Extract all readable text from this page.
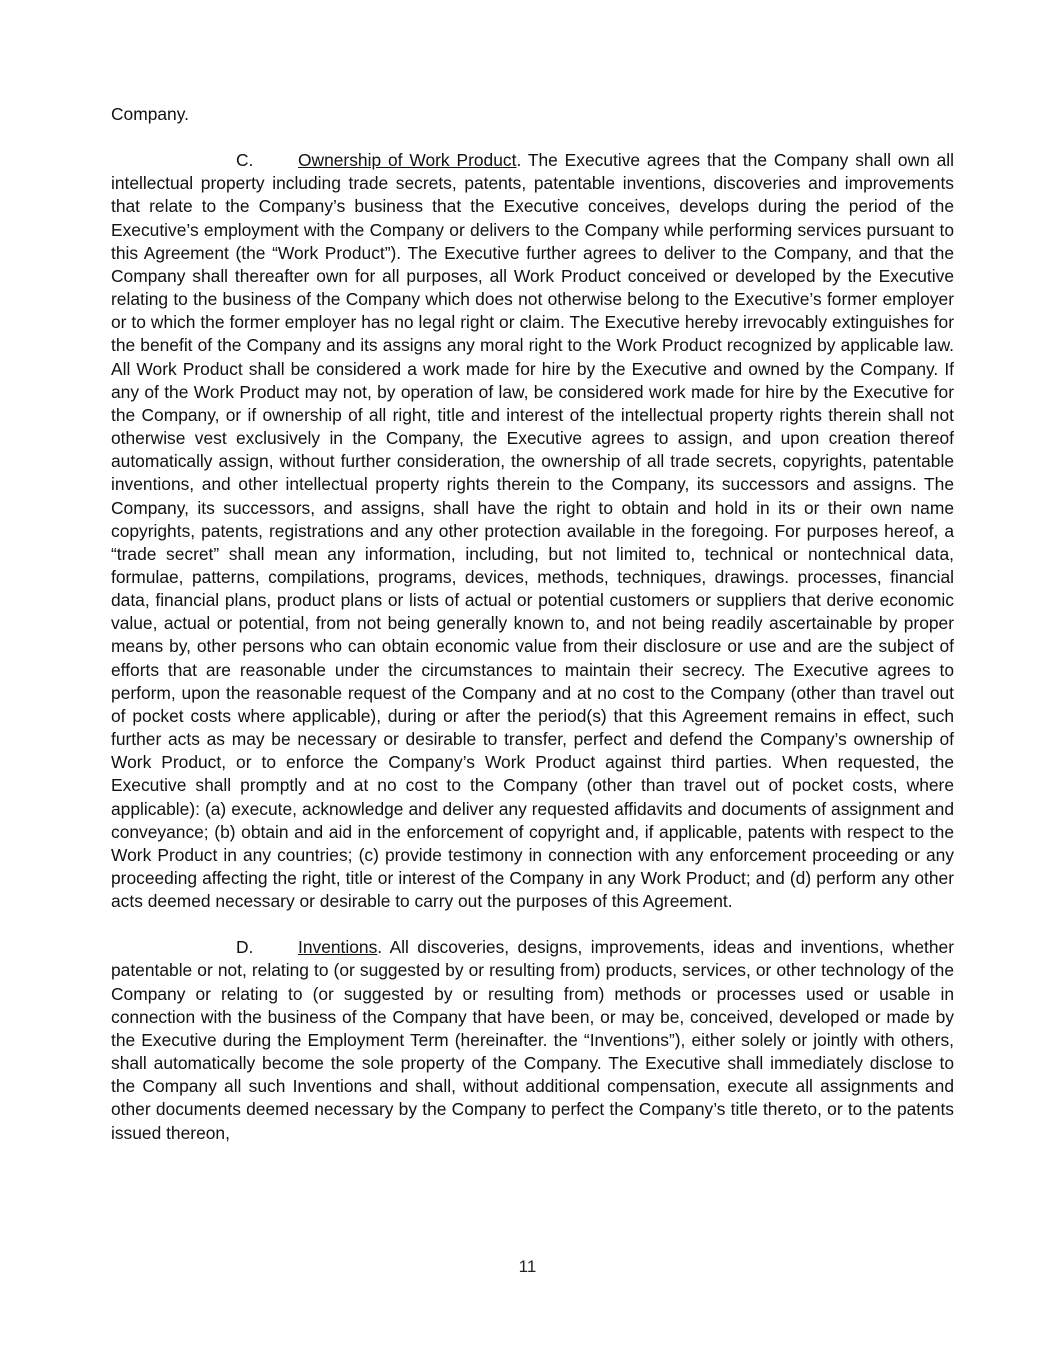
Company.

C.	Ownership of Work Product. The Executive agrees that the Company shall own all intellectual property including trade secrets, patents, patentable inventions, discoveries and improvements that relate to the Company’s business that the Executive conceives, develops during the period of the Executive’s employment with the Company or delivers to the Company while performing services pursuant to this Agreement (the “Work Product”). The Executive further agrees to deliver to the Company, and that the Company shall thereafter own for all purposes, all Work Product conceived or developed by the Executive relating to the business of the Company which does not otherwise belong to the Executive’s former employer or to which the former employer has no legal right or claim. The Executive hereby irrevocably extinguishes for the benefit of the Company and its assigns any moral right to the Work Product recognized by applicable law. All Work Product shall be considered a work made for hire by the Executive and owned by the Company. If any of the Work Product may not, by operation of law, be considered work made for hire by the Executive for the Company, or if ownership of all right, title and interest of the intellectual property rights therein shall not otherwise vest exclusively in the Company, the Executive agrees to assign, and upon creation thereof automatically assign, without further consideration, the ownership of all trade secrets, copyrights, patentable inventions, and other intellectual property rights therein to the Company, its successors and assigns. The Company, its successors, and assigns, shall have the right to obtain and hold in its or their own name copyrights, patents, registrations and any other protection available in the foregoing. For purposes hereof, a “trade secret” shall mean any information, including, but not limited to, technical or nontechnical data, formulae, patterns, compilations, programs, devices, methods, techniques, drawings. processes, financial data, financial plans, product plans or lists of actual or potential customers or suppliers that derive economic value, actual or potential, from not being generally known to, and not being readily ascertainable by proper means by, other persons who can obtain economic value from their disclosure or use and are the subject of efforts that are reasonable under the circumstances to maintain their secrecy. The Executive agrees to perform, upon the reasonable request of the Company and at no cost to the Company (other than travel out of pocket costs where applicable), during or after the period(s) that this Agreement remains in effect, such further acts as may be necessary or desirable to transfer, perfect and defend the Company’s ownership of Work Product, or to enforce the Company’s Work Product against third parties. When requested, the Executive shall promptly and at no cost to the Company (other than travel out of pocket costs, where applicable): (a) execute, acknowledge and deliver any requested affidavits and documents of assignment and conveyance; (b) obtain and aid in the enforcement of copyright and, if applicable, patents with respect to the Work Product in any countries; (c) provide testimony in connection with any enforcement proceeding or any proceeding affecting the right, title or interest of the Company in any Work Product; and (d) perform any other acts deemed necessary or desirable to carry out the purposes of this Agreement.

D.	Inventions. All discoveries, designs, improvements, ideas and inventions, whether patentable or not, relating to (or suggested by or resulting from) products, services, or other technology of the Company or relating to (or suggested by or resulting from) methods or processes used or usable in connection with the business of the Company that have been, or may be, conceived, developed or made by the Executive during the Employment Term (hereinafter. the “Inventions”), either solely or jointly with others, shall automatically become the sole property of the Company. The Executive shall immediately disclose to the Company all such Inventions and shall, without additional compensation, execute all assignments and other documents deemed necessary by the Company to perfect the Company’s title thereto, or to the patents issued thereon,

11
